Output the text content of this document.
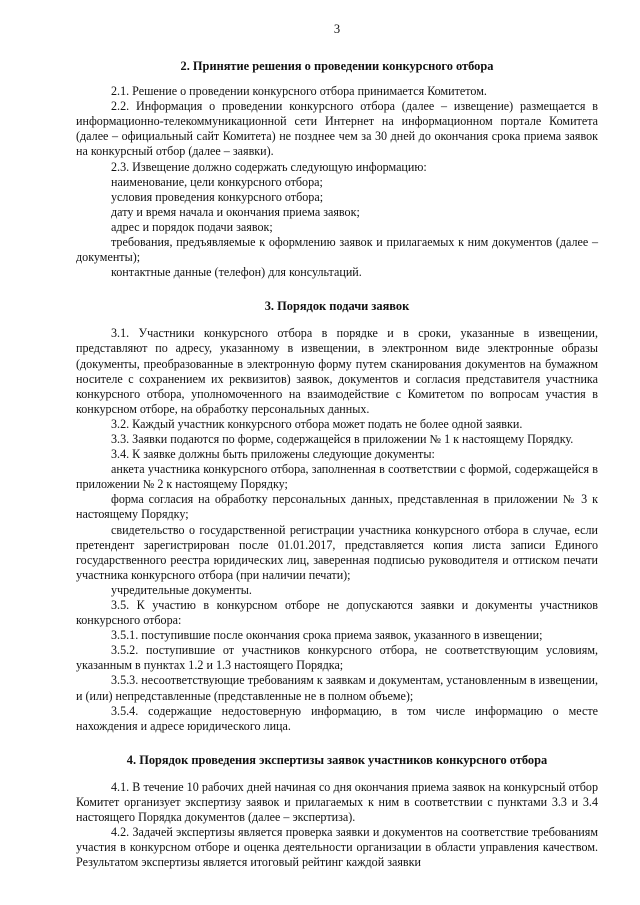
3
2. Принятие решения о проведении конкурсного отбора

2.1. Решение о проведении конкурсного отбора принимается Комитетом.

2.2. Информация о проведении конкурсного отбора (далее – извещение) размещается в информационно-телекоммуникационной сети Интернет на информационном портале Комитета (далее – официальный сайт Комитета) не позднее чем за 30 дней до окончания срока приема заявок на конкурсный отбор (далее – заявки).

2.3. Извещение должно содержать следующую информацию:

наименование, цели конкурсного отбора;

условия проведения конкурсного отбора;

дату и время начала и окончания приема заявок;

адрес и порядок подачи заявок;

требования, предъявляемые к оформлению заявок и прилагаемых к ним документов (далее – документы);

контактные данные (телефон) для консультаций.

3. Порядок подачи заявок

3.1. Участники конкурсного отбора в порядке и в сроки, указанные в извещении, представляют по адресу, указанному в извещении, в электронном виде электронные образы (документы, преобразованные в электронную форму путем сканирования документов на бумажном носителе с сохранением их реквизитов) заявок, документов и согласия представителя участника конкурсного отбора, уполномоченного на взаимодействие с Комитетом по вопросам участия в конкурсном отборе, на обработку персональных данных.

3.2. Каждый участник конкурсного отбора может подать не более одной заявки.

3.3. Заявки подаются по форме, содержащейся в приложении № 1 к настоящему Порядку.

3.4. К заявке должны быть приложены следующие документы:

анкета участника конкурсного отбора, заполненная в соответствии с формой, содержащейся в приложении № 2 к настоящему Порядку;

форма согласия на обработку персональных данных, представленная в приложении № 3 к настоящему Порядку;

свидетельство о государственной регистрации участника конкурсного отбора в случае, если претендент зарегистрирован после 01.01.2017, представляется копия листа записи Единого государственного реестра юридических лиц, заверенная подписью руководителя и оттиском печати участника конкурсного отбора (при наличии печати);

учредительные документы.

3.5. К участию в конкурсном отборе не допускаются заявки и документы участников конкурсного отбора:

3.5.1. поступившие после окончания срока приема заявок, указанного в извещении;

3.5.2. поступившие от участников конкурсного отбора, не соответствующим условиям, указанным в пунктах 1.2 и 1.3 настоящего Порядка;

3.5.3. несоответствующие требованиям к заявкам и документам, установленным в извещении, и (или) непредставленные (представленные не в полном объеме);

3.5.4. содержащие недостоверную информацию, в том числе информацию о месте нахождения и адресе юридического лица.

4. Порядок проведения экспертизы заявок участников конкурсного отбора

4.1. В течение 10 рабочих дней начиная со дня окончания приема заявок на конкурсный отбор Комитет организует экспертизу заявок и прилагаемых к ним в соответствии с пунктами 3.3 и 3.4 настоящего Порядка документов (далее – экспертиза).

4.2. Задачей экспертизы является проверка заявки и документов на соответствие требованиям участия в конкурсном отборе и оценка деятельности организации в области управления качеством. Результатом экспертизы является итоговый рейтинг каждой заявки
